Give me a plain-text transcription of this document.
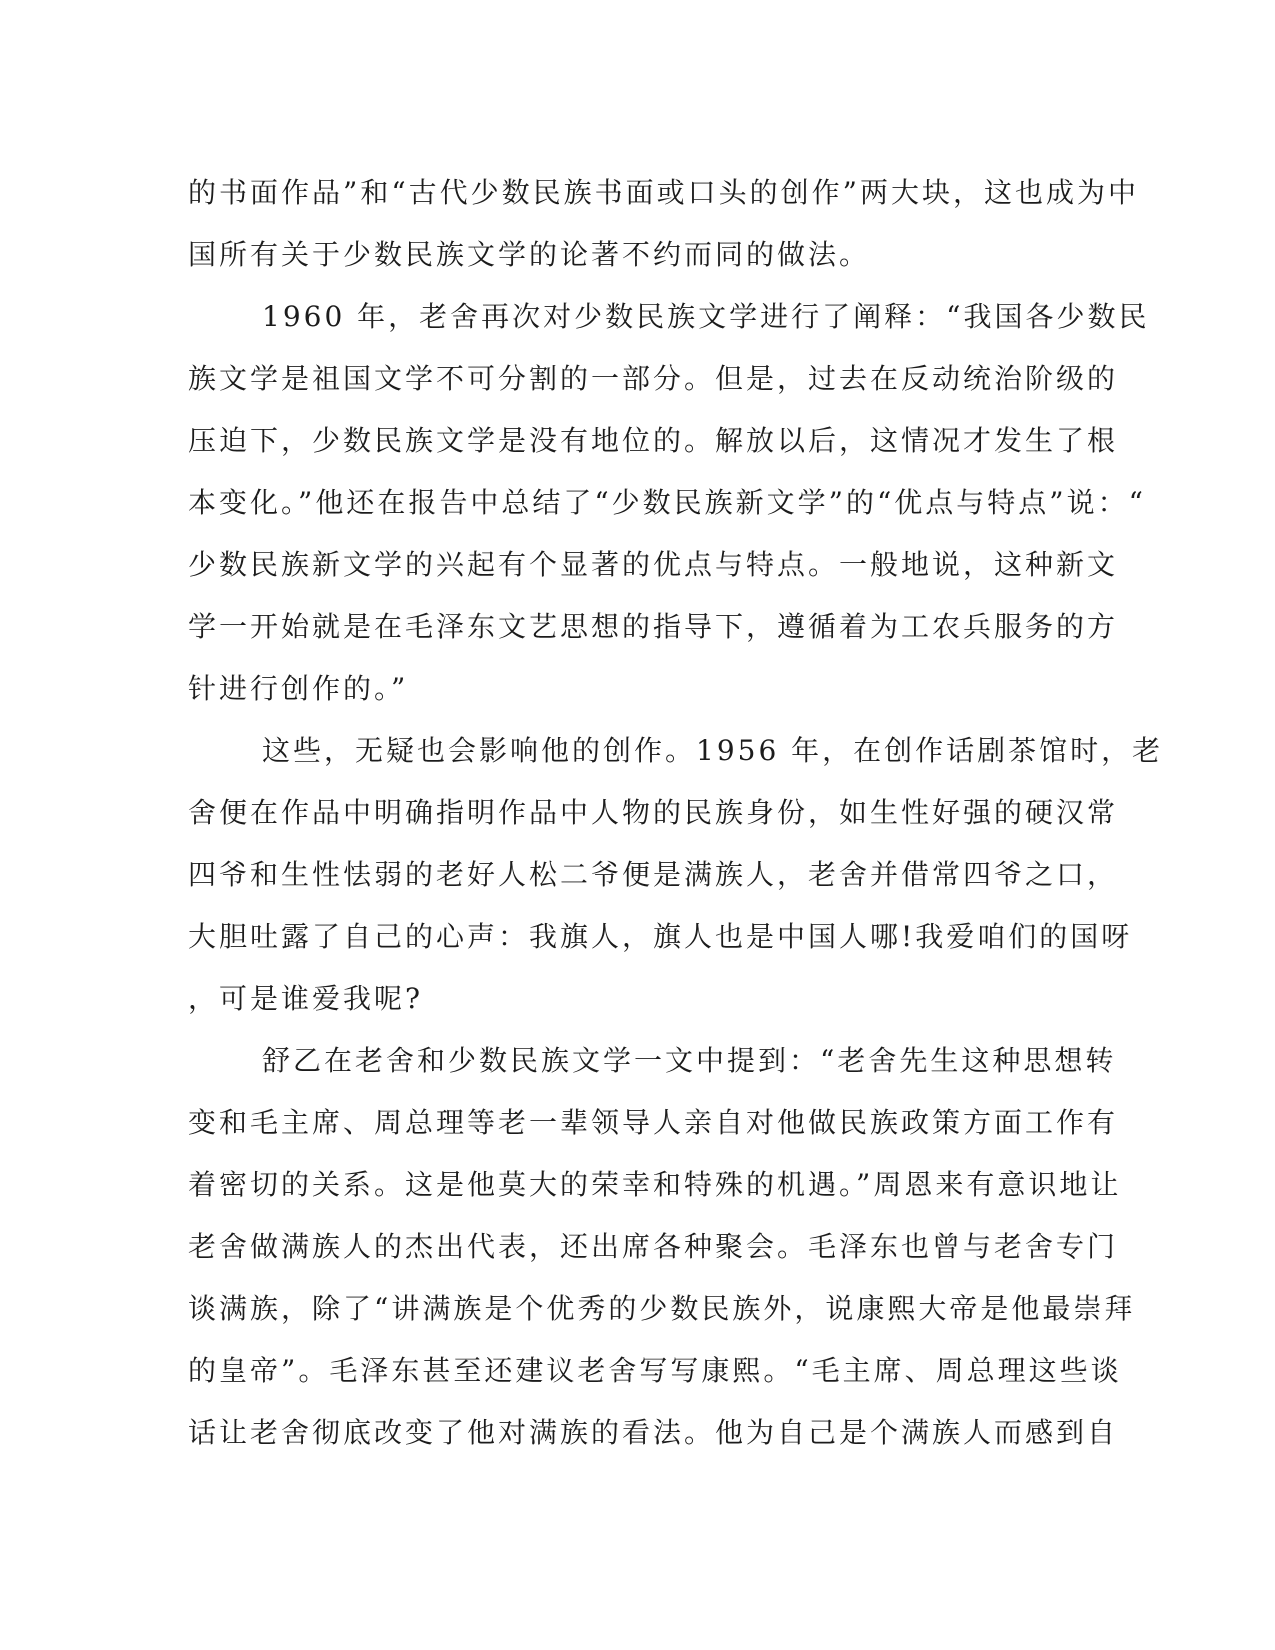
的书面作品”和“古代少数民族书面或口头的创作”两大块，这也成为中
国所有关于少数民族文学的论著不约而同的做法。
1960 年，老舍再次对少数民族文学进行了阐释：“我国各少数民
族文学是祖国文学不可分割的一部分。但是，过去在反动统治阶级的
压迫下，少数民族文学是没有地位的。解放以后，这情况才发生了根
本变化。”他还在报告中总结了“少数民族新文学”的“优点与特点”说：“
少数民族新文学的兴起有个显著的优点与特点。一般地说，这种新文
学一开始就是在毛泽东文艺思想的指导下，遵循着为工农兵服务的方
针进行创作的。”
这些，无疑也会影响他的创作。1956 年，在创作话剧茶馆时，老
舍便在作品中明确指明作品中人物的民族身份，如生性好强的硬汉常
四爷和生性怯弱的老好人松二爷便是满族人，老舍并借常四爷之口，
大胆吐露了自己的心声：我旗人，旗人也是中国人哪!我爱咱们的国呀
，可是谁爱我呢?
舒乙在老舍和少数民族文学一文中提到：“老舍先生这种思想转
变和毛主席、周总理等老一辈领导人亲自对他做民族政策方面工作有
着密切的关系。这是他莫大的荣幸和特殊的机遇。”周恩来有意识地让
老舍做满族人的杰出代表，还出席各种聚会。毛泽东也曾与老舍专门
谈满族，除了“讲满族是个优秀的少数民族外，说康熙大帝是他最崇拜
的皇帝”。毛泽东甚至还建议老舍写写康熙。“毛主席、周总理这些谈
话让老舍彻底改变了他对满族的看法。他为自己是个满族人而感到自
